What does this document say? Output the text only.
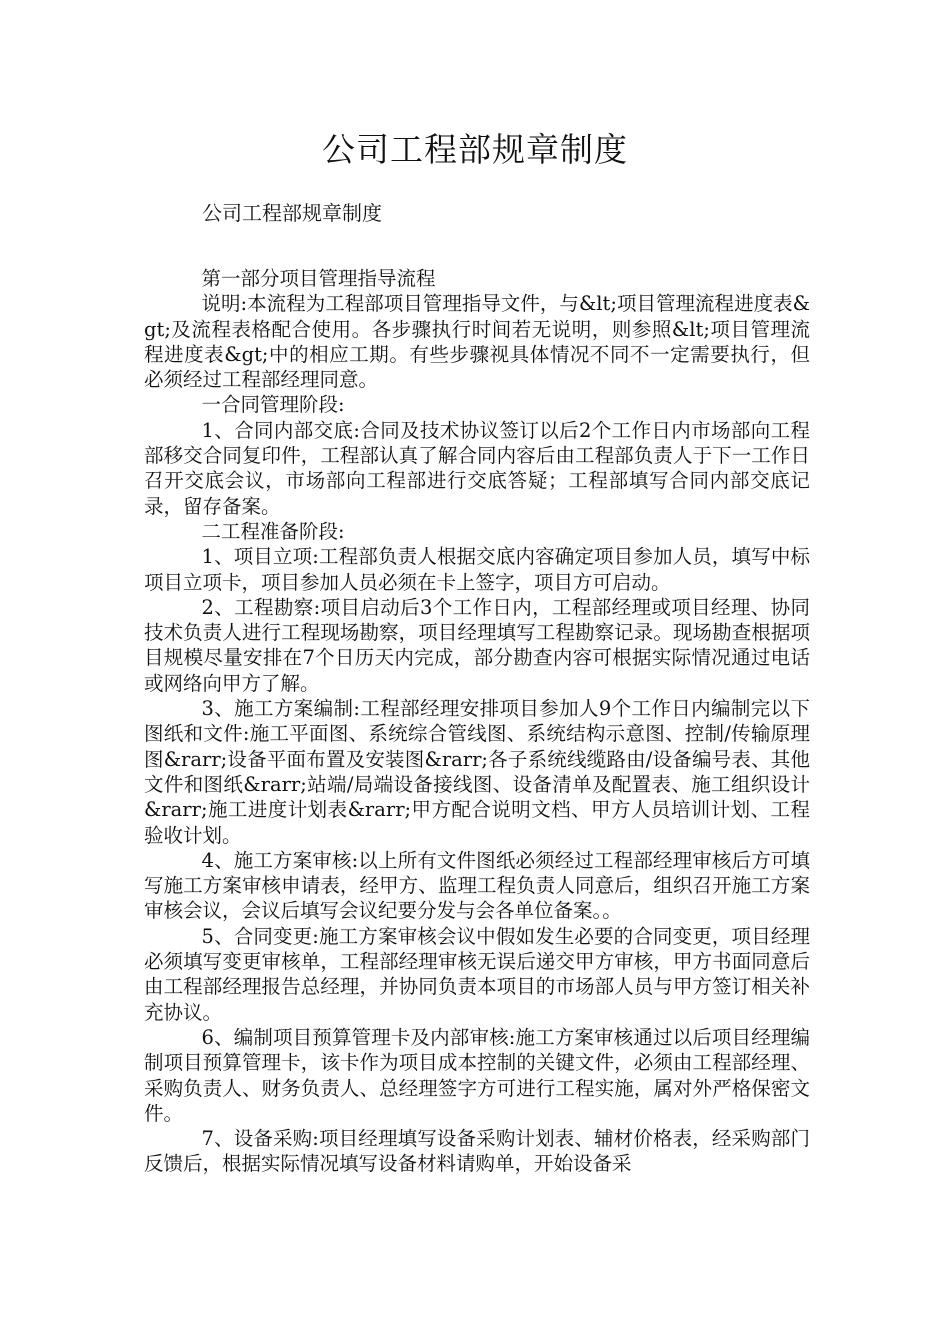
公司工程部规章制度
公司工程部规章制度

第一部分项目管理指导流程

说明:本流程为工程部项目管理指导文件，与&lt;项目管理流程进度表&gt;及流程表格配合使用。各步骤执行时间若无说明，则参照&lt;项目管理流程进度表&gt;中的相应工期。有些步骤视具体情况不同不一定需要执行，但必须经过工程部经理同意。

一合同管理阶段:

1、合同内部交底:合同及技术协议签订以后2个工作日内市场部向工程部移交合同复印件，工程部认真了解合同内容后由工程部负责人于下一工作日召开交底会议，市场部向工程部进行交底答疑；工程部填写合同内部交底记录，留存备案。

二工程准备阶段:

1、项目立项:工程部负责人根据交底内容确定项目参加人员，填写中标项目立项卡，项目参加人员必须在卡上签字，项目方可启动。

2、工程勘察:项目启动后3个工作日内，工程部经理或项目经理、协同技术负责人进行工程现场勘察，项目经理填写工程勘察记录。现场勘查根据项目规模尽量安排在7个日历天内完成，部分勘查内容可根据实际情况通过电话或网络向甲方了解。

3、施工方案编制:工程部经理安排项目参加人9个工作日内编制完以下图纸和文件:施工平面图、系统综合管线图、系统结构示意图、控制/传输原理图&rarr;设备平面布置及安装图&rarr;各子系统线缆路由/设备编号表、其他文件和图纸&rarr;站端/局端设备接线图、设备清单及配置表、施工组织设计&rarr;施工进度计划表&rarr;甲方配合说明文档、甲方人员培训计划、工程验收计划。

4、施工方案审核:以上所有文件图纸必须经过工程部经理审核后方可填写施工方案审核申请表，经甲方、监理工程负责人同意后，组织召开施工方案审核会议，会议后填写会议纪要分发与会各单位备案。。

5、合同变更:施工方案审核会议中假如发生必要的合同变更，项目经理必须填写变更审核单，工程部经理审核无误后递交甲方审核，甲方书面同意后由工程部经理报告总经理，并协同负责本项目的市场部人员与甲方签订相关补充协议。

6、编制项目预算管理卡及内部审核:施工方案审核通过以后项目经理编制项目预算管理卡，该卡作为项目成本控制的关键文件，必须由工程部经理、采购负责人、财务负责人、总经理签字方可进行工程实施，属对外严格保密文件。

7、设备采购:项目经理填写设备采购计划表、辅材价格表，经采购部门反馈后，根据实际情况填写设备材料请购单，开始设备采
